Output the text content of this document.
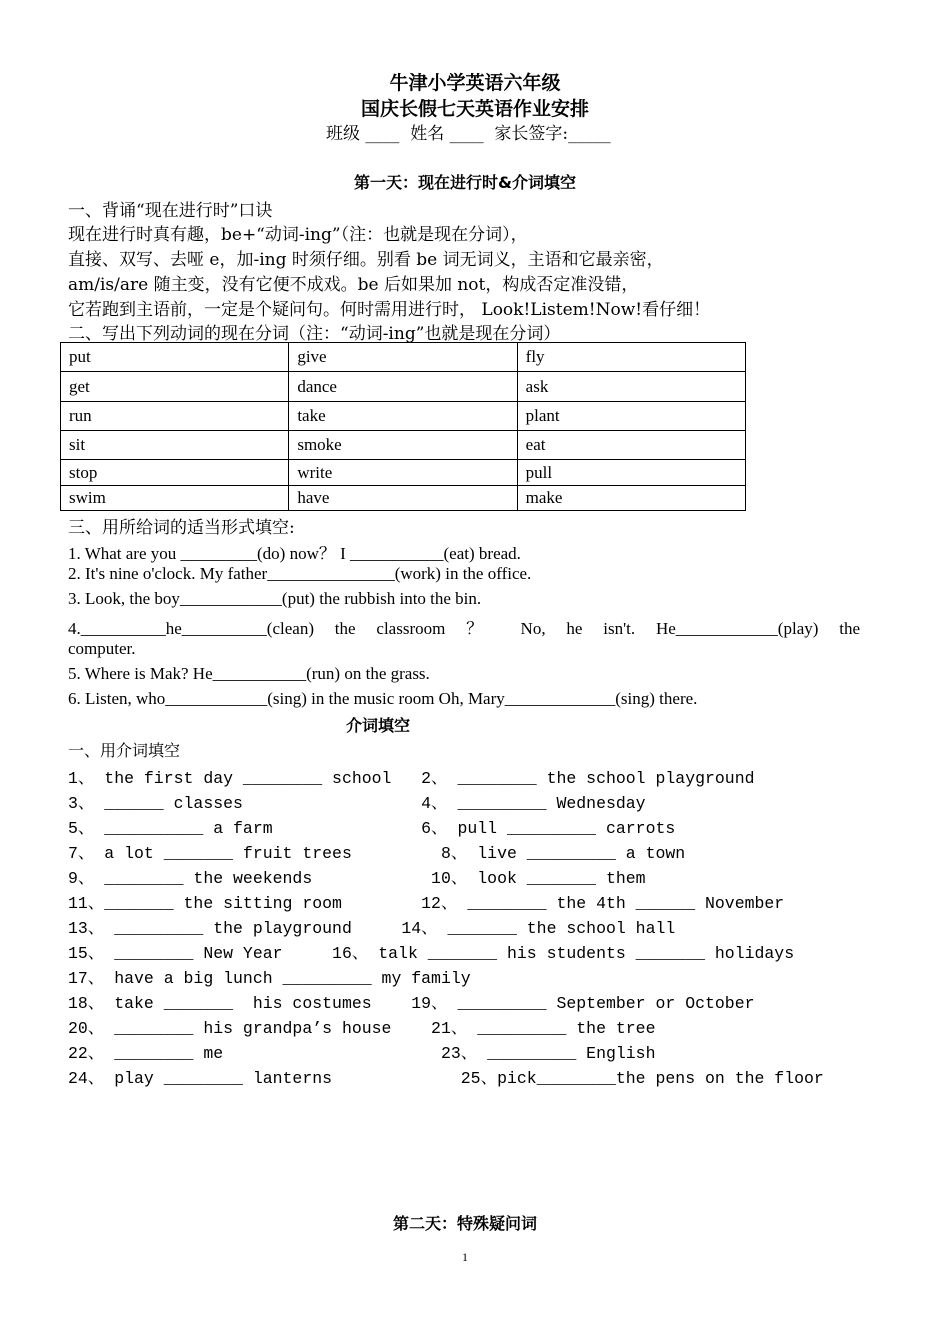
牛津小学英语六年级
国庆长假七天英语作业安排
班级 ____  姓名 ____  家长签字:_____
第一天：现在进行时&介词填空
一、背诵“现在进行时”口诀
现在进行时真有趣，be+“动词-ing”（注：也就是现在分词），
直接、双写、去哑 e，加-ing 时须仔细。别看 be 词无词义，主语和它最亲密，
am/is/are 随主变，没有它便不成戏。be 后如果加 not，构成否定准没错，
它若跑到主语前，一定是个疑问句。何时需用进行时， Look!Listem!Now!看仔细！
二、写出下列动词的现在分词（注：“动词-ing”也就是现在分词）
put	give	fly
get	dance	ask
run	take	plant
sit	smoke	eat
stop	write	pull
swim	have	make
三、用所给词的适当形式填空:
1. What are you _________(do) now？ I ___________(eat) bread.
2. It's nine o'clock. My father_______________(work) in the office.
3. Look, the boy____________(put) the rubbish into the bin.
4.__________he__________(clean) the classroom ？ No, he isn't. He____________(play) the
computer.
5. Where is Mak? He___________(run) on the grass.
6. Listen, who____________(sing) in the music room Oh, Mary_____________(sing) there.
介词填空
一、用介词填空
1、 the first day ________ school   2、 ________ the school playground
3、 ______ classes                  4、 _________ Wednesday
5、 __________ a farm               6、 pull _________ carrots
7、 a lot _______ fruit trees         8、 live _________ a town
9、 ________ the weekends            10、 look _______ them
11、_______ the sitting room        12、 ________ the 4th ______ November
13、 _________ the playground     14、 _______ the school hall
15、 ________ New Year     16、 talk _______ his students _______ holidays
17、 have a big lunch _________ my family
18、 take _______  his costumes    19、 _________ September or October
20、 ________ his grandpa’s house    21、 _________ the tree
22、 ________ me                      23、 _________ English
24、 play ________ lanterns             25、pick________the pens on the floor
第二天：特殊疑问词
1
